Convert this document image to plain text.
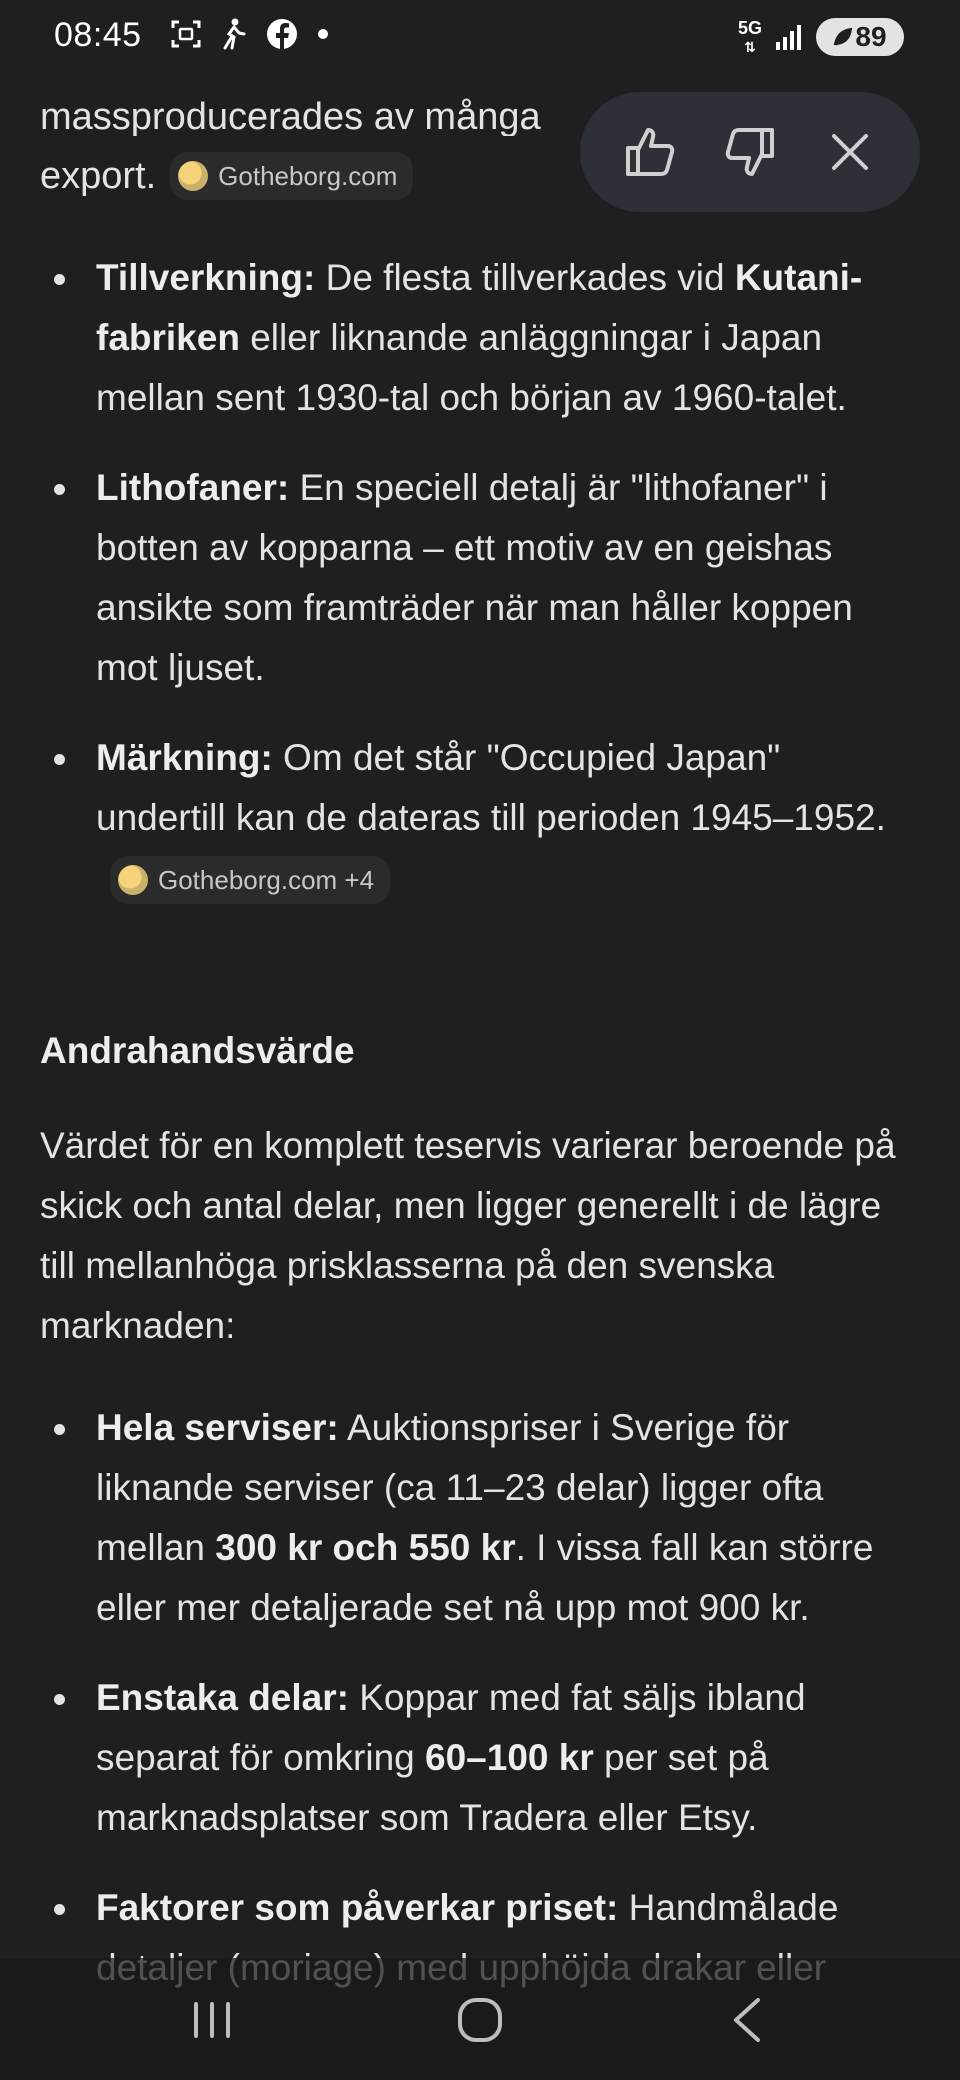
08:45	5G
⇅	89
massproducerades av många
export. Gotheborg.com
Tillverkning: De flesta tillverkades vid Kutani-fabriken eller liknande anläggningar i Japan mellan sent 1930-tal och början av 1960-talet.
Lithofaner: En speciell detalj är "lithofaner" i botten av kopparna – ett motiv av en geishas ansikte som framträder när man håller koppen mot ljuset.
Märkning: Om det står "Occupied Japan" undertill kan de dateras till perioden 1945–1952.
Gotheborg.com +4
Andrahandsvärde
Värdet för en komplett teservis varierar beroende på skick och antal delar, men ligger generellt i de lägre till mellanhöga prisklasserna på den svenska marknaden:
Hela serviser: Auktionspriser i Sverige för liknande serviser (ca 11–23 delar) ligger ofta mellan 300 kr och 550 kr. I vissa fall kan större eller mer detaljerade set nå upp mot 900 kr.
Enstaka delar: Koppar med fat säljs ibland separat för omkring 60–100 kr per set på marknadsplatser som Tradera eller Etsy.
Faktorer som påverkar priset: Handmålade
